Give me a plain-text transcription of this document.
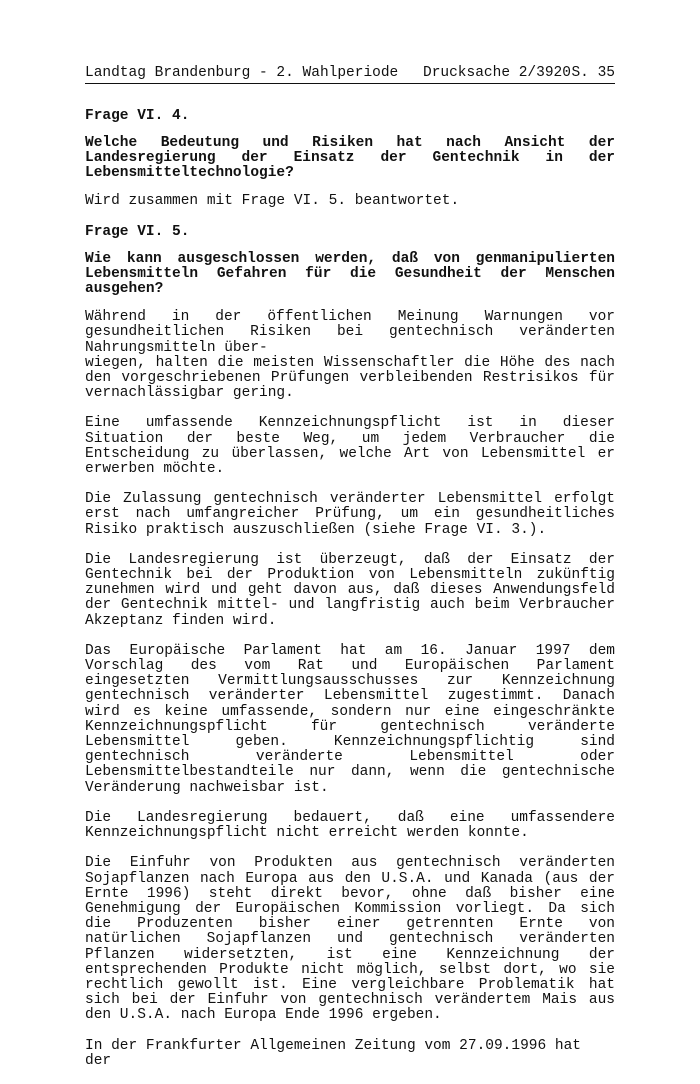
Landtag Brandenburg - 2. Wahlperiode Drucksache 2/3920 S. 35

Frage VI. 4.

Welche Bedeutung und Risiken hat nach Ansicht der Landesregierung der Einsatz der Gentechnik in der Lebensmitteltechnologie?

Wird zusammen mit Frage VI. 5. beantwortet.

Frage VI. 5.

Wie kann ausgeschlossen werden, daß von genmanipulierten Lebensmitteln Gefahren für die Gesundheit der Menschen ausgehen?

Während in der öffentlichen Meinung Warnungen vor gesundheitlichen Risiken bei gentechnisch veränderten Nahrungsmitteln über-

wiegen, halten die meisten Wissenschaftler die Höhe des nach den vorgeschriebenen Prüfungen verbleibenden Restrisikos für vernachlässigbar gering.

Eine umfassende Kennzeichnungspflicht ist in dieser Situation der beste Weg, um jedem Verbraucher die Entscheidung zu überlassen, welche Art von Lebensmittel er erwerben möchte.

Die Zulassung gentechnisch veränderter Lebensmittel erfolgt erst nach umfangreicher Prüfung, um ein gesundheitliches Risiko praktisch auszuschließen (siehe Frage VI. 3.).

Die Landesregierung ist überzeugt, daß der Einsatz der Gentechnik bei der Produktion von Lebensmitteln zukünftig zunehmen wird und geht davon aus, daß dieses Anwendungsfeld der Gentechnik mittel- und langfristig auch beim Verbraucher Akzeptanz finden wird.

Das Europäische Parlament hat am 16. Januar 1997 dem Vorschlag des vom Rat und Europäischen Parlament eingesetzten Vermittlungsausschusses zur Kennzeichnung gentechnisch veränderter Lebensmittel zugestimmt. Danach wird es keine umfassende, sondern nur eine eingeschränkte Kennzeichnungspflicht für gentechnisch veränderte Lebensmittel geben. Kennzeichnungspflichtig sind gentechnisch veränderte Lebensmittel oder Lebensmittelbestandteile nur dann, wenn die gentechnische Veränderung nachweisbar ist.

Die Landesregierung bedauert, daß eine umfassendere Kennzeichnungspflicht nicht erreicht werden konnte.

Die Einfuhr von Produkten aus gentechnisch veränderten Sojapflanzen nach Europa aus den U.S.A. und Kanada (aus der Ernte 1996) steht direkt bevor, ohne daß bisher eine Genehmigung der Europäischen Kommission vorliegt. Da sich die Produzenten bisher einer getrennten Ernte von natürlichen Sojapflanzen und gentechnisch veränderten Pflanzen widersetzten, ist eine Kennzeichnung der entsprechenden Produkte nicht möglich, selbst dort, wo sie rechtlich gewollt ist. Eine vergleichbare Problematik hat sich bei der Einfuhr von gentechnisch verändertem Mais aus den U.S.A. nach Europa Ende 1996 ergeben.

In der Frankfurter Allgemeinen Zeitung vom 27.09.1996 hat der
